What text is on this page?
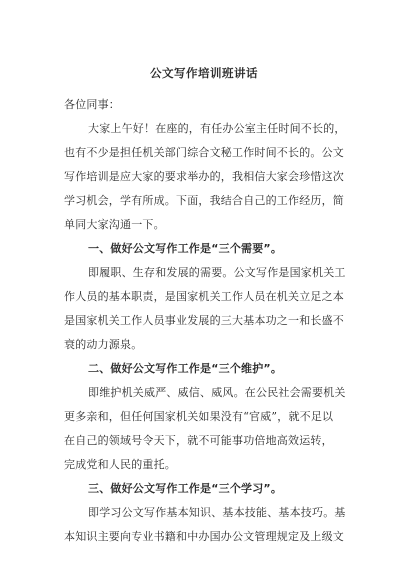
公文写作培训班讲话
各位同事：
大家上午好！在座的，有任办公室主任时间不长的，
也有不少是担任机关部门综合文秘工作时间不长的。公文
写作培训是应大家的要求举办的，我相信大家会珍惜这次
学习机会，学有所成。下面，我结合自己的工作经历，简
单同大家沟通一下。
一、做好公文写作工作是“三个需要”。
即履职、生存和发展的需要。公文写作是国家机关工
作人员的基本职责，是国家机关工作人员在机关立足之本
是国家机关工作人员事业发展的三大基本功之一和长盛不
衰的动力源泉。
二、做好公文写作工作是“三个维护”。
即维护机关威严、威信、威风。在公民社会需要机关
更多亲和，但任何国家机关如果没有“官威”，就不足以
在自己的领域号令天下，就不可能事功倍地高效运转，
完成党和人民的重托。
三、做好公文写作工作是“三个学习”。
即学习公文写作基本知识、基本技能、基本技巧。基
本知识主要向专业书籍和中办国办公文管理规定及上级文
